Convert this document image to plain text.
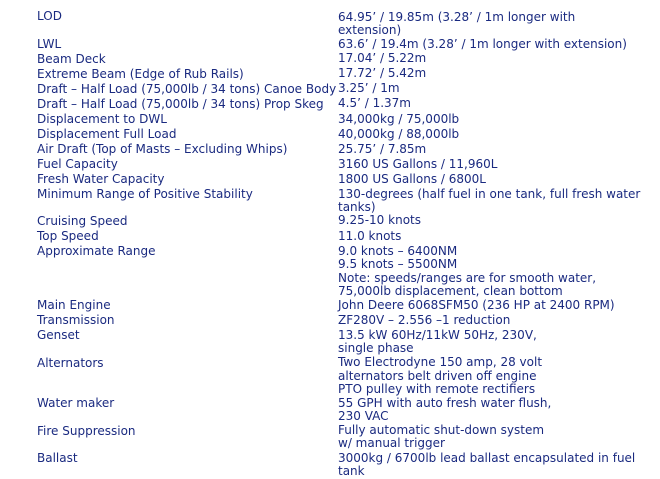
LOD	64.95’ / 19.85m (3.28’ / 1m longer with
extension)
LWL	63.6’ / 19.4m (3.28’ / 1m longer with extension)
Beam Deck	17.04’ / 5.22m
Extreme Beam (Edge of Rub Rails)	17.72’ / 5.42m
Draft – Half Load (75,000lb / 34 tons) Canoe Body 3.25’ / 1m
Draft – Half Load (75,000lb / 34 tons) Prop Skeg 4.5’ / 1.37m
Displacement to DWL	34,000kg / 75,000lb
Displacement Full Load	40,000kg / 88,000lb
Air Draft (Top of Masts – Excluding Whips)	25.75’ / 7.85m
Fuel Capacity	3160 US Gallons / 11,960L
Fresh Water Capacity	1800 US Gallons / 6800L
Minimum Range of Positive Stability	130-degrees (half fuel in one tank, full fresh water
tanks)
Cruising Speed	9.25-10 knots
Top Speed	11.0 knots
Approximate Range	9.0 knots – 6400NM
9.5 knots – 5500NM
Note: speeds/ranges are for smooth water,
75,000lb displacement, clean bottom
Main Engine	John Deere 6068SFM50 (236 HP at 2400 RPM)
Transmission	ZF280V – 2.556 –1 reduction
Genset	13.5 kW 60Hz/11kW 50Hz, 230V,
single phase
Alternators	Two Electrodyne 150 amp, 28 volt
alternators belt driven off engine
PTO pulley with remote rectifiers
Water maker	55 GPH with auto fresh water flush,
230 VAC
Fire Suppression	Fully automatic shut-down system
w/ manual trigger
Ballast	3000kg / 6700lb lead ballast encapsulated in fuel
tank
